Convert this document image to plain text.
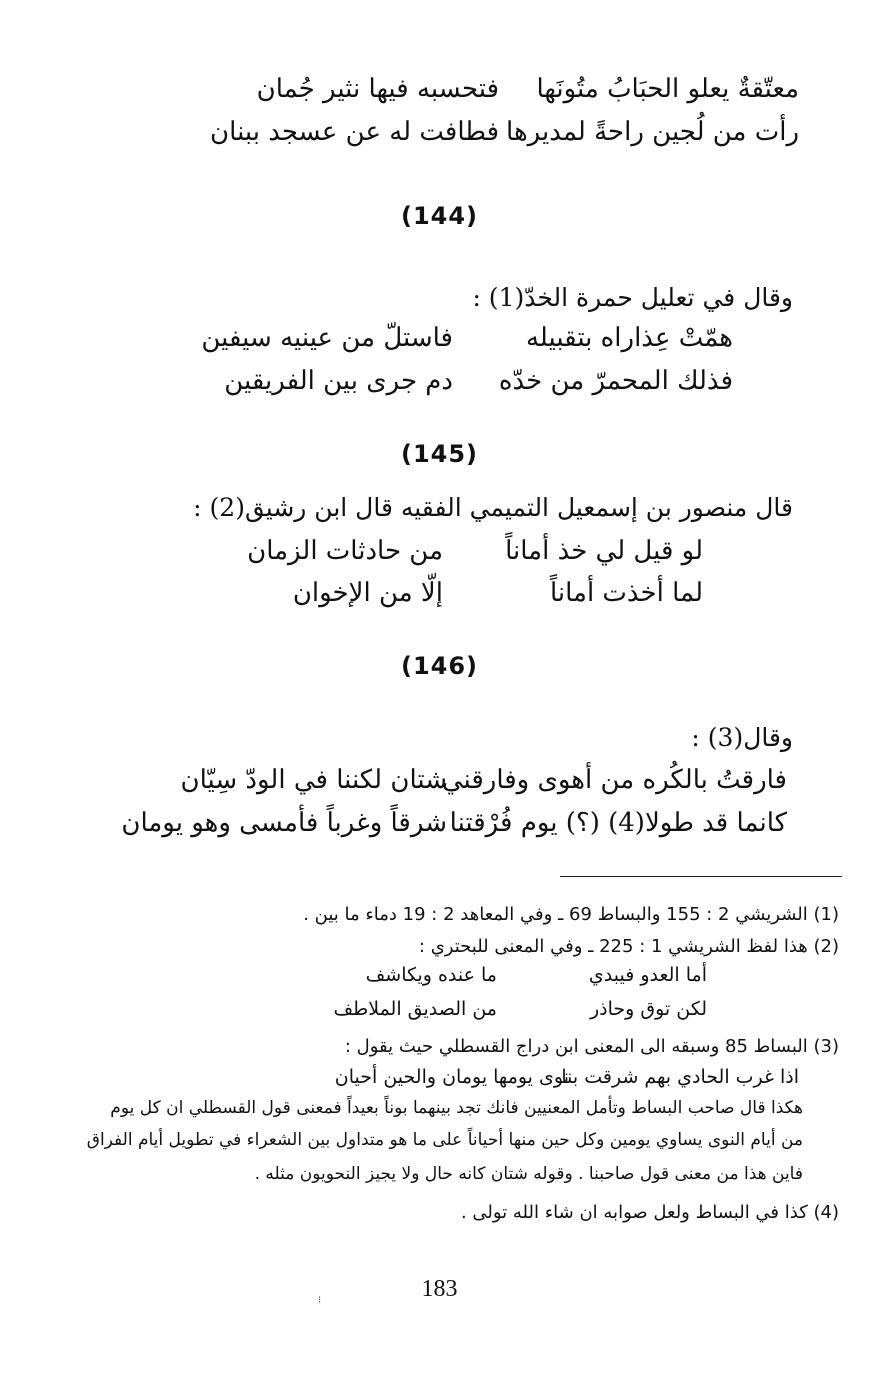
معتّقةٌ يعلو الحبَابُ متُونَها
فتحسبه فيها نثير جُمان
رأت من لُجين راحةً لمديرها
فطافت له عن عسجد ببنان
(144)
وقال في تعليل حمرة الخدّ(1) :
همّتْ عِذاراه بتقبيله
فاستلّ من عينيه سيفين
فذلك المحمرّ من خدّه
دم جرى بين الفريقين
(145)
قال منصور بن إسمعيل التميمي الفقيه قال ابن رشيق(2) :
لو قيل لي خذ أماناً
من حادثات الزمان
لما أخذت أماناً
إلّا من الإخوان
(146)
وقال(3) :
فارقتُ بالكُره من أهوى وفارقني
شتان لكننا في الودّ سِيّان
كانما قد طولا(4) (؟) يوم فُرْقتنا
شرقاً وغرباً فأمسى وهو يومان
(1) الشريشي 2 : 155 والبساط 69 ـ وفي المعاهد 2 : 19 دماء ما بين .
(2) هذا لفظ الشريشي 1 : 225 ـ وفي المعنى للبحتري :
أما العدو فيبدي
ما عنده ويكاشف
لكن توق وحاذر
من الصديق الملاطف
(3) البساط 85 وسبقه الى المعنى ابن دراج القسطلي حيث يقول :
اذا غرب الحادي بهم شرقت بنا
نوى يومها يومان والحين أحيان
هكذا قال صاحب البساط وتأمل المعنيين فانك تجد بينهما بوناً بعيداً فمعنى قول القسطلي ان كل يوم
من أيام النوى يساوي يومين وكل حين منها أحياناً على ما هو متداول بين الشعراء في تطويل أيام الفراق
فاين هذا من معنى قول صاحبنا . وقوله شتان كانه حال ولا يجيز النحويون مثله .
(4) كذا في البساط ولعل صوابه ان شاء الله تولى .
183
⁝
